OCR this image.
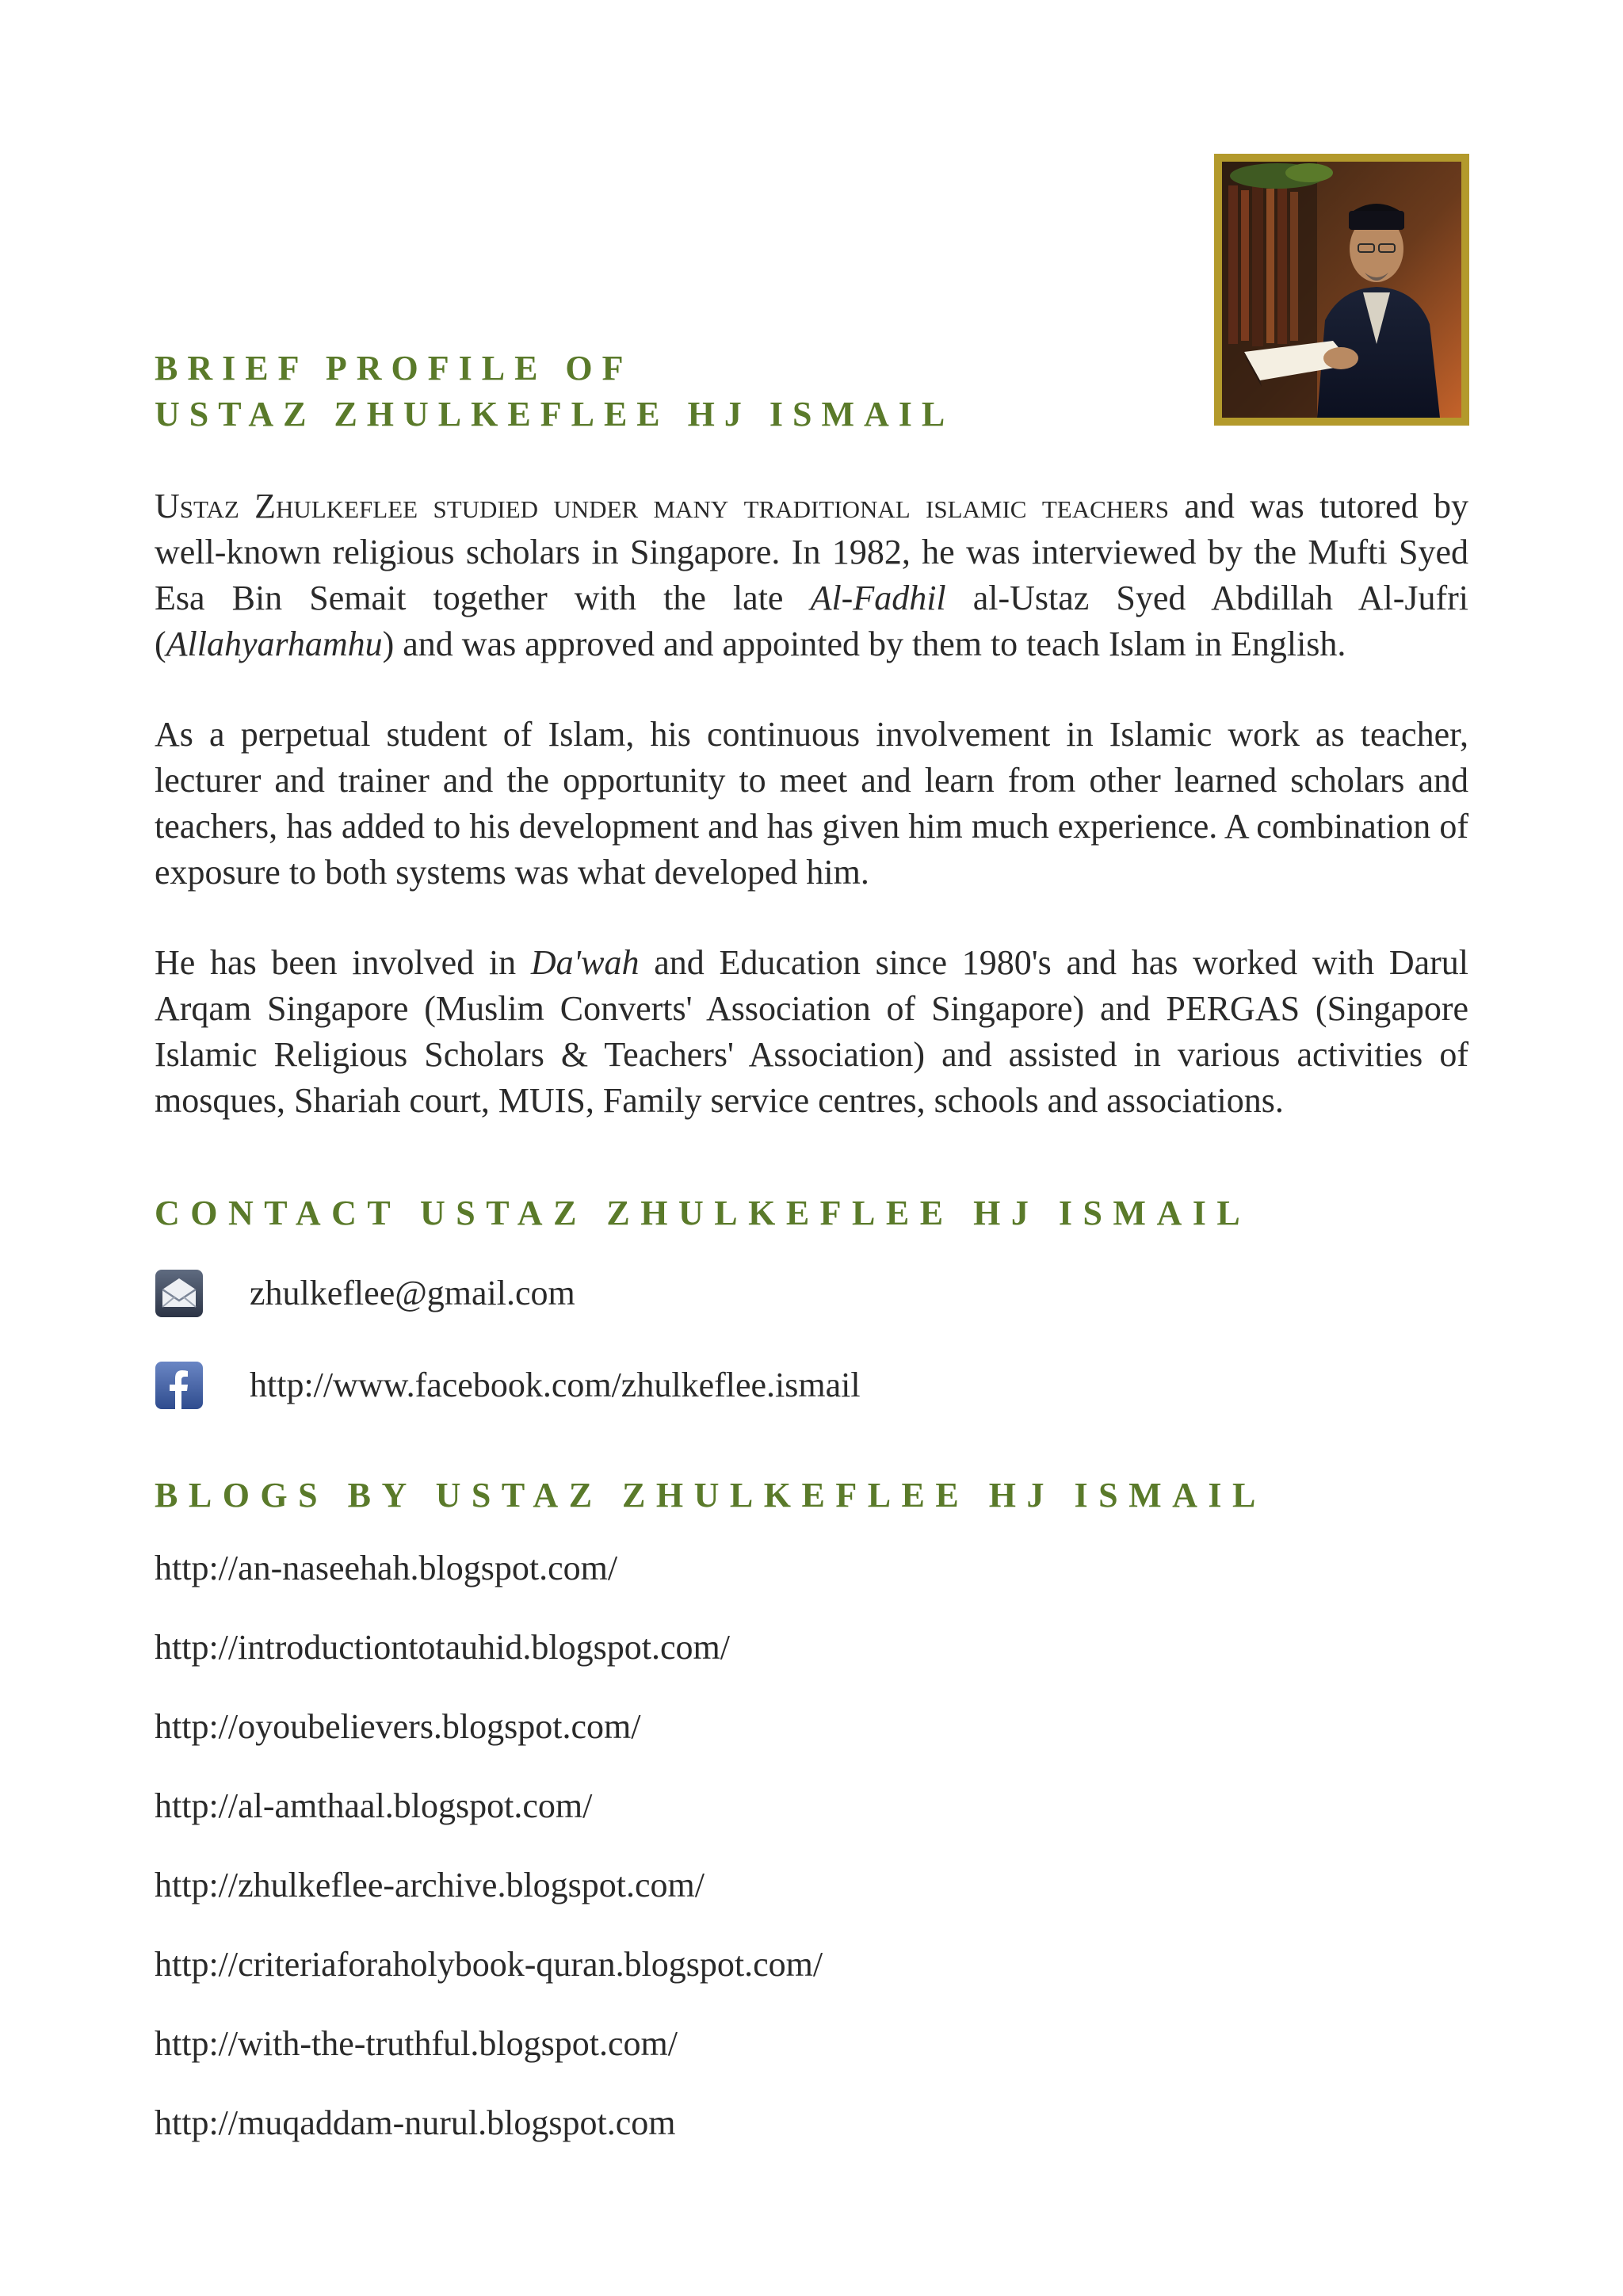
BRIEF PROFILE OF
USTAZ ZHULKEFLEE HJ ISMAIL

Ustaz Zhulkeflee studied under many traditional islamic teachers and was tutored by well-known religious scholars in Singapore. In 1982, he was interviewed by the Mufti Syed Esa Bin Semait together with the late Al-Fadhil al-Ustaz Syed Abdillah Al-Jufri (Allahyarhamhu) and was approved and appointed by them to teach Islam in English.

As a perpetual student of Islam, his continuous involvement in Islamic work as teacher, lecturer and trainer and the opportunity to meet and learn from other learned scholars and teachers, has added to his development and has given him much experience. A combination of exposure to both systems was what developed him.

He has been involved in Da'wah and Education since 1980's and has worked with Darul Arqam Singapore (Muslim Converts' Association of Singapore) and PERGAS (Singapore Islamic Religious Scholars & Teachers' Association) and assisted in various activities of mosques, Shariah court, MUIS, Family service centres, schools and associations.

CONTACT USTAZ ZHULKEFLEE HJ ISMAIL
zhulkeflee@gmail.com
http://www.facebook.com/zhulkeflee.ismail
BLOGS BY USTAZ ZHULKEFLEE HJ ISMAIL
http://an-naseehah.blogspot.com/
http://introductiontotauhid.blogspot.com/
http://oyoubelievers.blogspot.com/
http://al-amthaal.blogspot.com/
http://zhulkeflee-archive.blogspot.com/
http://criteriaforaholybook-quran.blogspot.com/
http://with-the-truthful.blogspot.com/
http://muqaddam-nurul.blogspot.com
